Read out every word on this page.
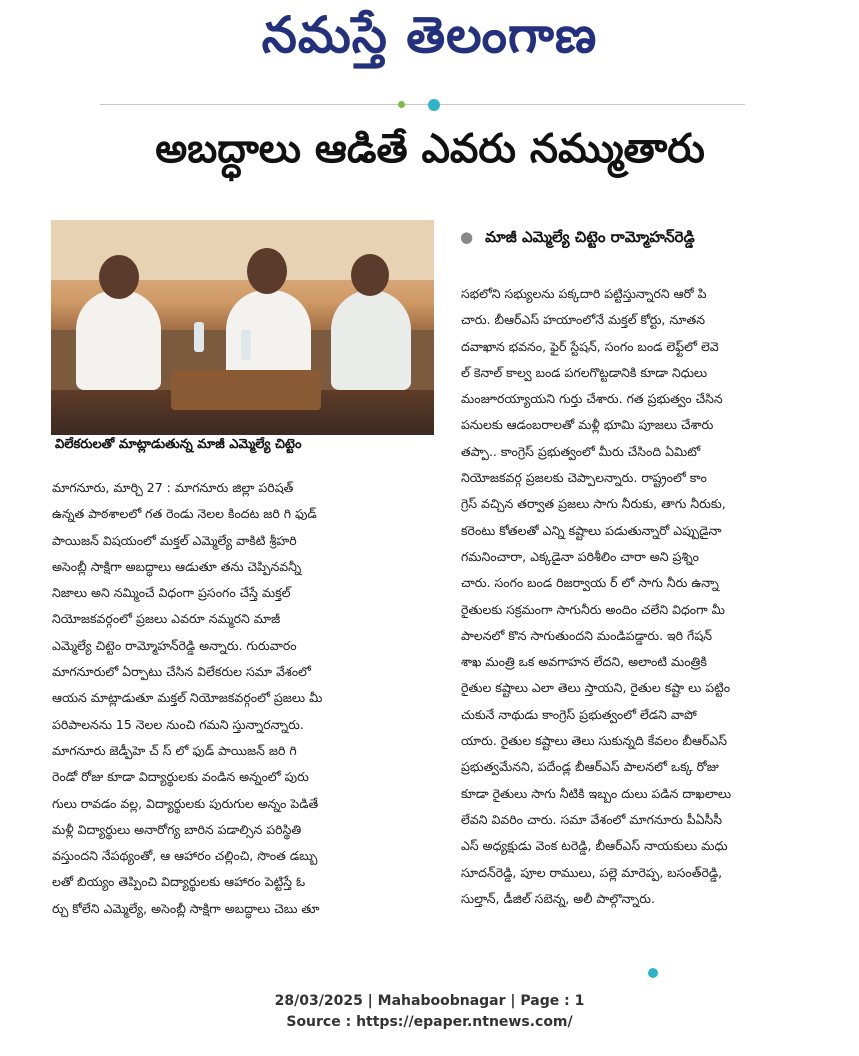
నమస్తే తెలంగాణ
అబద్ధాలు ఆడితే ఎవరు నమ్ముతారు
విలేకరులతో మాట్లాడుతున్న మాజీ ఎమ్మెల్యే చిట్టెం
● మాజీ ఎమ్మెల్యే చిట్టెం రామ్మోహన్‌రెడ్డి
మాగనూరు, మార్చి 27 : మాగనూరు జిల్లా పరిషత్
ఉన్నత పాఠశాలలో గత రెండు నెలల కిందట జరి గి ఫుడ్
పాయిజన్ విషయంలో మక్తల్ ఎమ్మెల్యే వాకిటి శ్రీహరి
అసెంబ్లీ సాక్షిగా అబద్ధాలు ఆడుతూ తను చెప్పినవన్నీ
నిజాలు అని నమ్మించే విధంగా ప్రసంగం చేస్తే మక్తల్
నియోజకవర్గంలో ప్రజలు ఎవరూ నమ్మరని మాజీ
ఎమ్మెల్యే చిట్టెం రామ్మోహన్‌రెడ్డి అన్నారు. గురువారం
మాగనూరులో ఏర్పాటు చేసిన విలేకరుల సమా వేశంలో
ఆయన మాట్లాడుతూ మక్తల్ నియోజకవర్గంలో ప్రజలు మీ
పరిపాలనను 15 నెలల నుంచి గమని స్తున్నారన్నారు.
మాగనూరు జెడ్పీహె చ్ స్ లో ఫుడ్ పాయిజన్ జరి గి
రెండో రోజు కూడా విద్యార్థులకు వండిన అన్నంలో పురు
గులు రావడం వల్ల, విద్యార్థులకు పురుగుల అన్నం పెడితే
మళ్లీ విద్యార్థులు అనారోగ్య బారిన పడాల్సిన పరిస్థితి
వస్తుందని నేపథ్యంతో, ఆ ఆహారం చల్లించి, సొంత డబ్బు
లతో బియ్యం తెప్పించి విద్యార్థులకు ఆహారం పెట్టిస్తే ఓ
ర్చు కోలేని ఎమ్మెల్యే, అసెంబ్లీ సాక్షిగా అబద్ధాలు చెబు తూ
సభలోని సభ్యులను పక్కదారి పట్టిస్తున్నారని ఆరో పి
చారు. బీఆర్ఎస్ హయాంలోనే మక్తల్ కోర్టు, నూతన
దవాఖాన భవనం, ఫైర్ స్టేషన్, సంగం బండ లెఫ్ట్‌లో లెవె
ల్ కెనాల్ కాల్వ బండ పగలగొట్టడానికి కూడా నిధులు
మంజూరయ్యాయని గుర్తు చేశారు. గత ప్రభుత్వం చేసిన
పనులకు ఆడంబరాలతో మళ్లీ భూమి పూజలు చేశారు
తప్పా.. కాంగ్రెస్ ప్రభుత్వంలో మీరు చేసింది ఏమిటో
నియోజకవర్గ ప్రజలకు చెప్పాలన్నారు. రాష్ట్రంలో కాం
గ్రెస్ వచ్చిన తర్వాత ప్రజలు సాగు నీరుకు, తాగు నీరుకు,
కరెంటు కోతలతో ఎన్ని కష్టాలు పడుతున్నారో ఎప్పుడైనా
గమనించారా, ఎక్కడైనా పరిశీలిం చారా అని ప్రశ్నిం
చారు. సంగం బండ రిజర్వాయ ర్ లో సాగు నీరు ఉన్నా
రైతులకు సక్రమంగా సాగునీరు అందిం చలేని విధంగా మీ
పాలనలో కొన సాగుతుందని మండిపడ్డారు. ఇరి గేషన్
శాఖ మంత్రి ఒక అవగాహన లేదని, అలాంటి మంత్రికి
రైతుల కష్టాలు ఎలా తెలు స్తాయని, రైతుల కష్టా లు పట్టిం
చుకునే నాథుడు కాంగ్రెస్ ప్రభుత్వంలో లేడని వాపో
యారు. రైతుల కష్టాలు తెలు సుకున్నది కేవలం బీఆర్ఎస్
ప్రభుత్వమేనని, పదేండ్ల బీఆర్ఎస్ పాలనలో ఒక్క రోజు
కూడా రైతులు సాగు నీటికి ఇబ్బం దులు పడిన దాఖలాలు
లేవని వివరిం చారు. సమా వేశంలో మాగనూరు పీఏసీసీ
ఎస్ అధ్యక్షుడు వెంక టరెడ్డి, బీఆర్ఎస్ నాయకులు మధు
సూదన్‌రెడ్డి, పూల రాములు, పల్లె మారెప్ప, బసంత్‌రెడ్డి,
సుల్తాన్, డీజిల్ సబెన్న, అలీ పాల్గొన్నారు.
28/03/2025 | Mahaboobnagar | Page : 1
Source : https://epaper.ntnews.com/
